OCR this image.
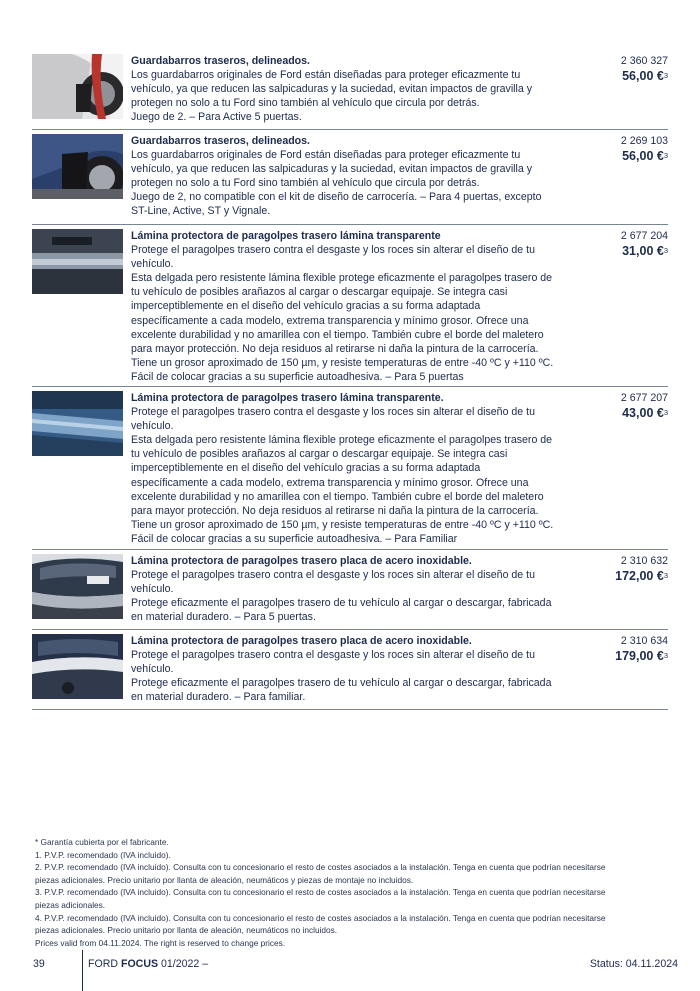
Guardabarros traseros, delineados.
Los guardabarros originales de Ford están diseñadas para proteger eficazmente tu
vehículo, ya que reducen las salpicaduras y la suciedad, evitan impactos de gravilla y
protegen no solo a tu Ford sino también al vehículo que circula por detrás.
Juego de 2. – Para Active 5 puertas.
2 360 327
56,00 €$^3$
Guardabarros traseros, delineados.
Los guardabarros originales de Ford están diseñadas para proteger eficazmente tu
vehículo, ya que reducen las salpicaduras y la suciedad, evitan impactos de gravilla y
protegen no solo a tu Ford sino también al vehículo que circula por detrás.
Juego de 2, no compatible con el kit de diseño de carrocería. – Para 4 puertas, excepto
ST-Line, Active, ST y Vignale.
2 269 103
56,00 €$^3$
Lámina protectora de paragolpes trasero lámina transparente
Protege el paragolpes trasero contra el desgaste y los roces sin alterar el diseño de tu
vehículo.
Esta delgada pero resistente lámina flexible protege eficazmente el paragolpes trasero de
tu vehículo de posibles arañazos al cargar o descargar equipaje. Se integra casi
imperceptiblemente en el diseño del vehículo gracias a su forma adaptada
específicamente a cada modelo, extrema transparencia y mínimo grosor. Ofrece una
excelente durabilidad y no amarillea con el tiempo. También cubre el borde del maletero
para mayor protección. No deja residuos al retirarse ni daña la pintura de la carrocería.
Tiene un grosor aproximado de 150 µm, y resiste temperaturas de entre -40 ºC y +110 ºC.
Fácil de colocar gracias a su superficie autoadhesiva. – Para 5 puertas
2 677 204
31,00 €$^3$
Lámina protectora de paragolpes trasero lámina transparente.
Protege el paragolpes trasero contra el desgaste y los roces sin alterar el diseño de tu
vehículo.
Esta delgada pero resistente lámina flexible protege eficazmente el paragolpes trasero de
tu vehículo de posibles arañazos al cargar o descargar equipaje. Se integra casi
imperceptiblemente en el diseño del vehículo gracias a su forma adaptada
específicamente a cada modelo, extrema transparencia y mínimo grosor. Ofrece una
excelente durabilidad y no amarillea con el tiempo. También cubre el borde del maletero
para mayor protección. No deja residuos al retirarse ni daña la pintura de la carrocería.
Tiene un grosor aproximado de 150 µm, y resiste temperaturas de entre -40 ºC y +110 ºC.
Fácil de colocar gracias a su superficie autoadhesiva. – Para Familiar
2 677 207
43,00 €$^3$
Lámina protectora de paragolpes trasero placa de acero inoxidable.
Protege el paragolpes trasero contra el desgaste y los roces sin alterar el diseño de tu
vehículo.
Protege eficazmente el paragolpes trasero de tu vehículo al cargar o descargar, fabricada
en material duradero. – Para 5 puertas.
2 310 632
172,00 €$^3$
Lámina protectora de paragolpes trasero placa de acero inoxidable.
Protege el paragolpes trasero contra el desgaste y los roces sin alterar el diseño de tu
vehículo.
Protege eficazmente el paragolpes trasero de tu vehículo al cargar o descargar, fabricada
en material duradero. – Para familiar.
2 310 634
179,00 €$^3$
* Garantía cubierta por el fabricante.
1. P.V.P. recomendado (IVA incluido).
2. P.V.P. recomendado (IVA incluido). Consulta con tu concesionario el resto de costes asociados a la instalación. Tenga en cuenta que podrían necesitarse
piezas adicionales. Precio unitario por llanta de aleación, neumáticos y piezas de montaje no incluidos.
3. P.V.P. recomendado (IVA incluido). Consulta con tu concesionario el resto de costes asociados a la instalación. Tenga en cuenta que podrían necesitarse
piezas adicionales.
4. P.V.P. recomendado (IVA incluido). Consulta con tu concesionario el resto de costes asociados a la instalación. Tenga en cuenta que podrían necesitarse
piezas adicionales. Precio unitario por llanta de aleación, neumáticos no incluidos.
Prices valid from 04.11.2024. The right is reserved to change prices.
39	FORD FOCUS 01/2022 –	Status: 04.11.2024
